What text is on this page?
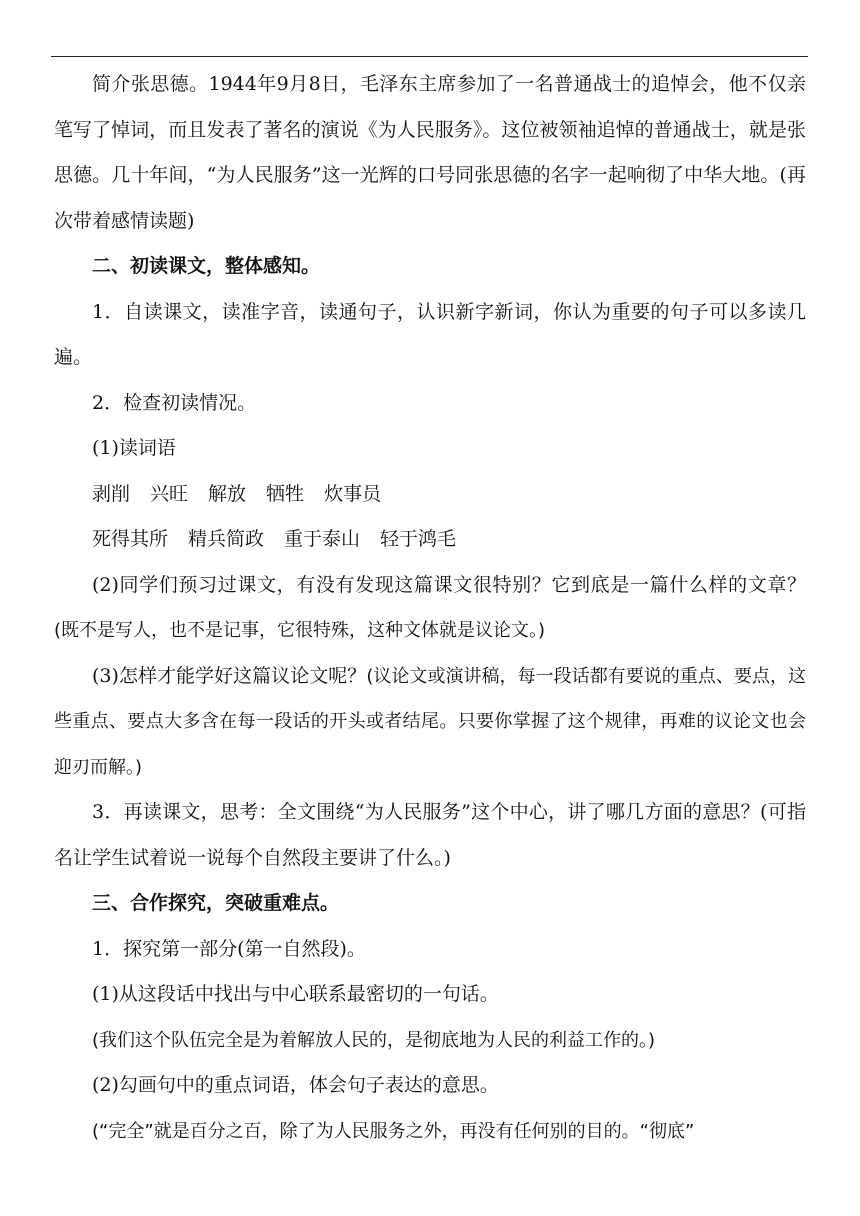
简介张思德。1944年9月8日，毛泽东主席参加了一名普通战士的追悼会，他不仅亲笔写了悼词，而且发表了著名的演说《为人民服务》。这位被领袖追悼的普通战士，就是张思德。几十年间，“为人民服务”这一光辉的口号同张思德的名字一起响彻了中华大地。(再次带着感情读题)

二、初读课文，整体感知。

1．自读课文，读准字音，读通句子，认识新字新词，你认为重要的句子可以多读几遍。

2．检查初读情况。

(1)读词语

剥削 兴旺 解放 牺牲 炊事员

死得其所 精兵简政 重于泰山 轻于鸿毛

(2)同学们预习过课文，有没有发现这篇课文很特别？它到底是一篇什么样的文章？(既不是写人，也不是记事，它很特殊，这种文体就是议论文。)

(3)怎样才能学好这篇议论文呢？(议论文或演讲稿，每一段话都有要说的重点、要点，这些重点、要点大多含在每一段话的开头或者结尾。只要你掌握了这个规律，再难的议论文也会迎刃而解。)

3．再读课文，思考：全文围绕“为人民服务”这个中心，讲了哪几方面的意思？(可指名让学生试着说一说每个自然段主要讲了什么。)

三、合作探究，突破重难点。

1．探究第一部分(第一自然段)。

(1)从这段话中找出与中心联系最密切的一句话。

(我们这个队伍完全是为着解放人民的，是彻底地为人民的利益工作的。)

(2)勾画句中的重点词语，体会句子表达的意思。

(“完全”就是百分之百，除了为人民服务之外，再没有任何别的目的。“彻底”
